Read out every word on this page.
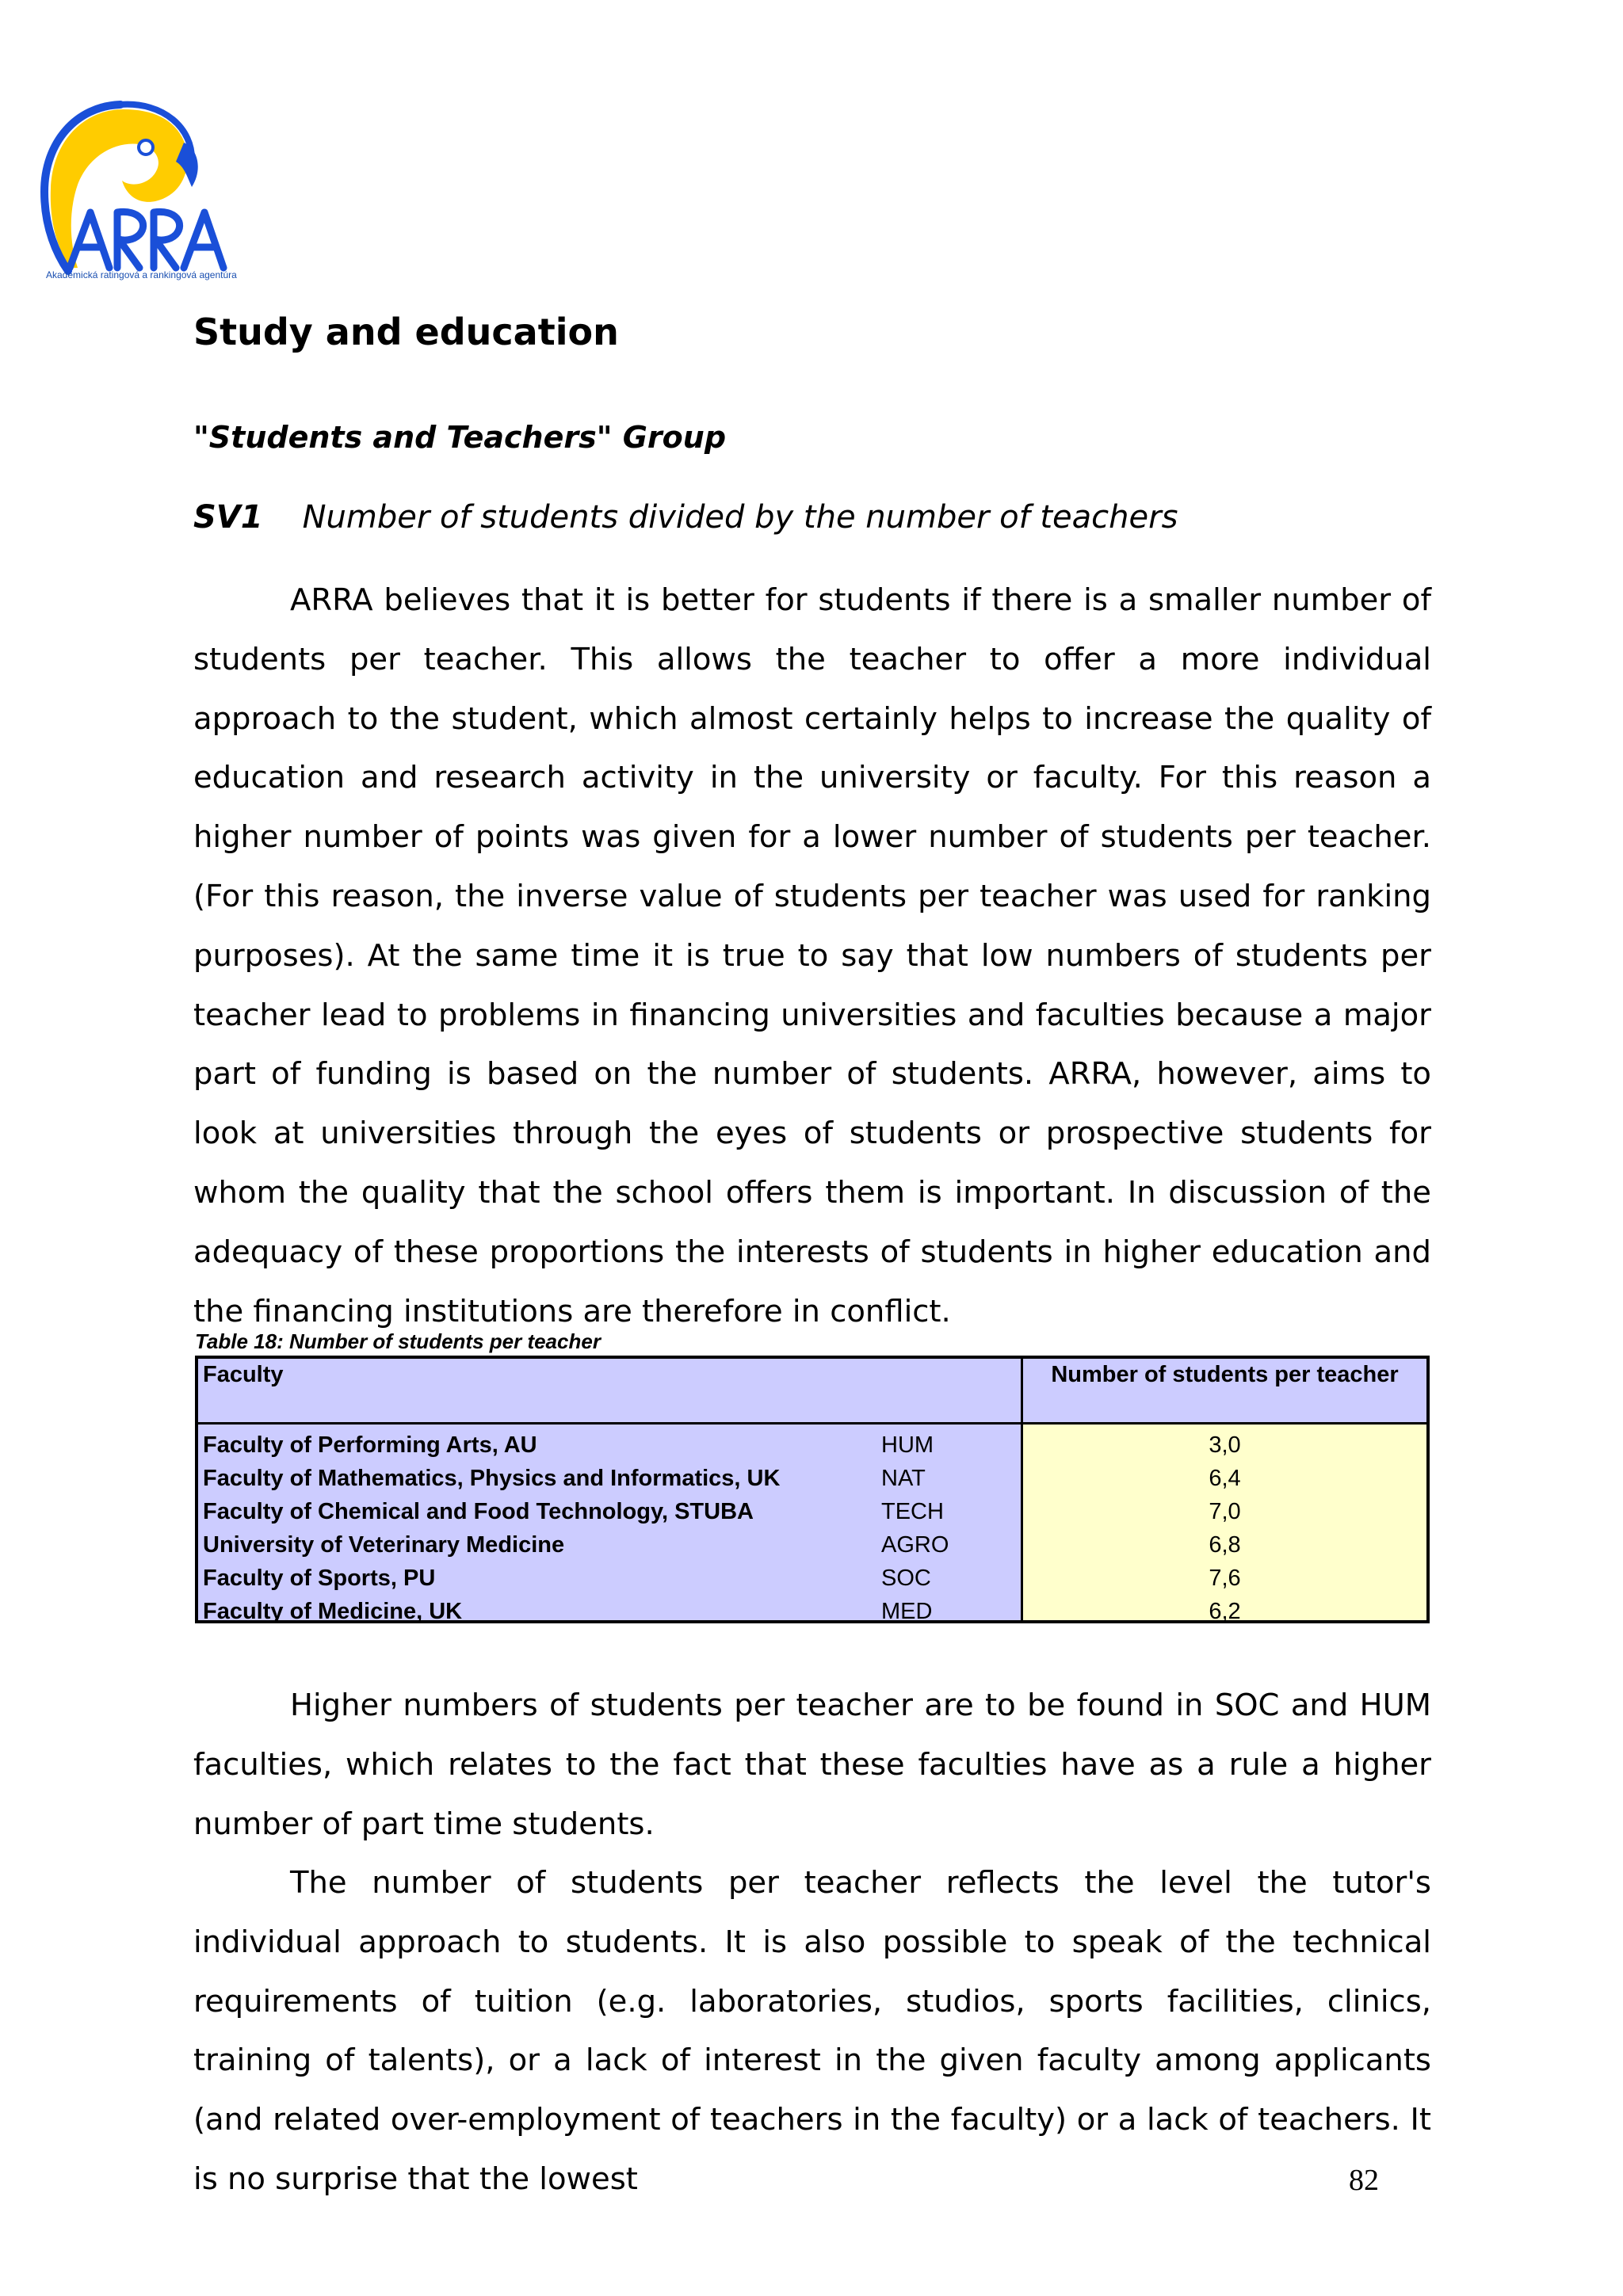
Akademická ratingová a rankingová agentúra
Study and education
"Students and Teachers" Group
SV1 Number of students divided by the number of teachers

ARRA believes that it is better for students if there is a smaller number of students per teacher. This allows the teacher to offer a more individual approach to the student, which almost certainly helps to increase the quality of education and research activity in the university or faculty. For this reason a higher number of points was given for a lower number of students per teacher. (For this reason, the inverse value of students per teacher was used for ranking purposes). At the same time it is true to say that low numbers of students per teacher lead to problems in financing universities and faculties because a major part of funding is based on the number of students. ARRA, however, aims to look at universities through the eyes of students or prospective students for whom the quality that the school offers them is important. In discussion of the adequacy of these proportions the interests of students in higher education and the financing institutions are therefore in conflict.

Table 18: Number of students per teacher
Faculty	Number of students per teacher
Faculty of Performing Arts, AU	HUM	3,0
Faculty of Mathematics, Physics and Informatics, UK	NAT	6,4
Faculty of Chemical and Food Technology, STUBA	TECH	7,0
University of Veterinary Medicine	AGRO	6,8
Faculty of Sports, PU	SOC	7,6
Faculty of Medicine, UK	MED	6,2

Higher numbers of students per teacher are to be found in SOC and HUM faculties, which relates to the fact that these faculties have as a rule a higher number of part time students.

The number of students per teacher reflects the level the tutor's individual approach to students. It is also possible to speak of the technical requirements of tuition (e.g. laboratories, studios, sports facilities, clinics, training of talents), or a lack of interest in the given faculty among applicants (and related over-employment of teachers in the faculty) or a lack of teachers. It is no surprise that the lowest	82
